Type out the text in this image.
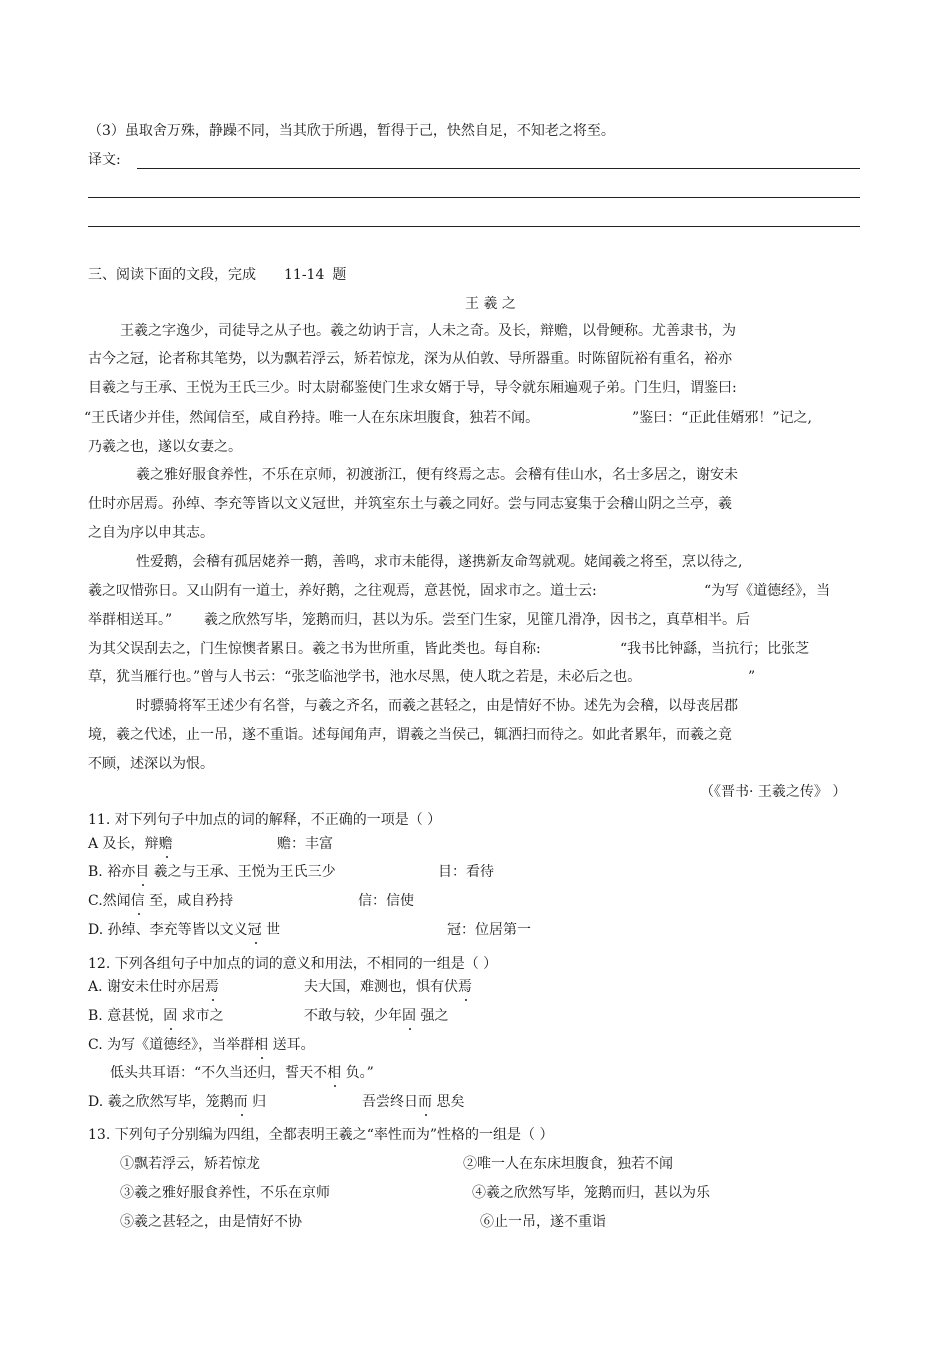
（3）虽取舍万殊，静躁不同，当其欣于所遇，暂得于己，快然自足，不知老之将至。
译文:
三、阅读下面的文段，完成 11-14 题
王 羲 之
王羲之字逸少，司徒导之从子也。羲之幼讷于言，人未之奇。及长，辩赡，以骨鲠称。尤善隶书，为
古今之冠，论者称其笔势，以为飘若浮云，矫若惊龙，深为从伯敦、导所器重。时陈留阮裕有重名，裕亦
目羲之与王承、王悦为王氏三少。时太尉郗鉴使门生求女婿于导，导令就东厢遍观子弟。门生归，谓鉴曰:
“王氏诸少并佳，然闻信至，咸自矜持。唯一人在东床坦腹食，独若不闻。	”鉴曰：“正此佳婿邪！”记之,
乃羲之也，遂以女妻之。
羲之雅好服食养性，不乐在京师，初渡浙江，便有终焉之志。会稽有佳山水，名士多居之，谢安未
仕时亦居焉。孙绰、李充等皆以文义冠世，并筑室东土与羲之同好。尝与同志宴集于会稽山阴之兰亭，羲
之自为序以申其志。
性爱鹅，会稽有孤居姥养一鹅，善鸣，求市未能得，遂携新友命驾就观。姥闻羲之将至，烹以待之,
羲之叹惜弥日。又山阴有一道士，养好鹅，之往观焉，意甚悦，固求市之。道士云:	“为写《道德经》，当
举群相送耳。” 羲之欣然写毕，笼鹅而归，甚以为乐。尝至门生家，见篚几滑净，因书之，真草相半。后
为其父误刮去之，门生惊懊者累日。羲之书为世所重，皆此类也。每自称:	“我书比钟繇，当抗行；比张芝
草，犹当雁行也。”曾与人书云：“张芝临池学书，池水尽黑，使人耽之若是，未必后之也。	”
时骠骑将军王述少有名誉，与羲之齐名，而羲之甚轻之，由是情好不协。述先为会稽，以母丧居郡
境，羲之代述，止一吊，遂不重诣。述每闻角声，谓羲之当侯己，辄洒扫而待之。如此者累年，而羲之竟
不顾，述深以为恨。
（《晋书· 王羲之传》 ）
11. 对下列句子中加点的词的解释，不正确的一项是（ ）
A 及长，辩赡	赡：丰富
B. 裕亦目 羲之与王承、王悦为王氏三少	目：看待
C.然闻信 至，咸自矜持	信：信使
D. 孙绰、李充等皆以文义冠 世	冠：位居第一
12. 下列各组句子中加点的词的意义和用法，不相同的一组是（ ）
A. 谢安未仕时亦居焉	夫大国，难测也，惧有伏焉
B. 意甚悦，固 求市之	不敢与较，少年固 强之
C. 为写《道德经》，当举群相 送耳。
低头共耳语：“不久当还归，誓天不相 负。”
D. 羲之欣然写毕，笼鹅而 归	吾尝终日而 思矣
13. 下列句子分别编为四组，全都表明王羲之“率性而为”性格的一组是（ ）
①飘若浮云，矫若惊龙	②唯一人在东床坦腹食，独若不闻
③羲之雅好服食养性，不乐在京师	④羲之欣然写毕，笼鹅而归，甚以为乐
⑤羲之甚轻之，由是情好不协	⑥止一吊，遂不重诣
